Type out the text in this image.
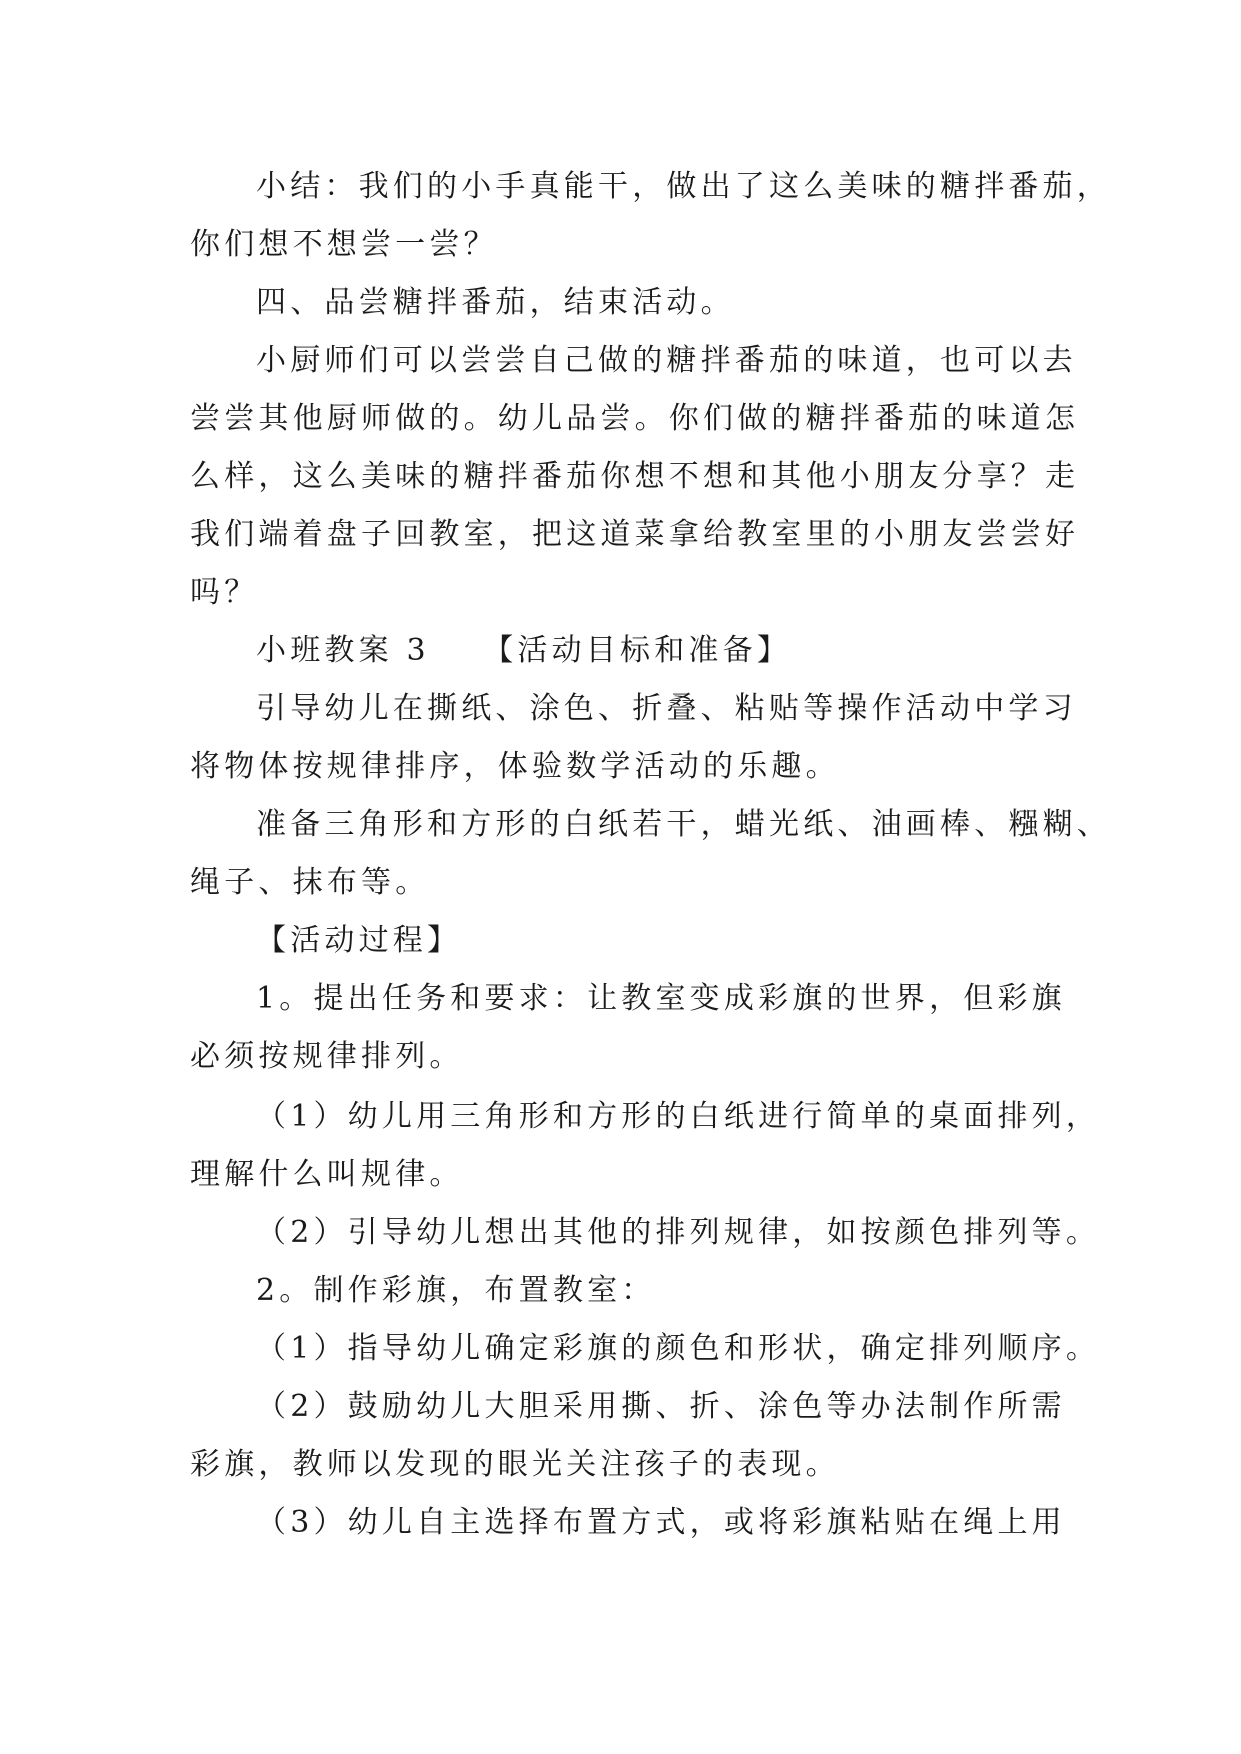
小结：我们的小手真能干，做出了这么美味的糖拌番茄，
你们想不想尝一尝？
四、品尝糖拌番茄，结束活动。
小厨师们可以尝尝自己做的糖拌番茄的味道，也可以去
尝尝其他厨师做的。幼儿品尝。你们做的糖拌番茄的味道怎
么样，这么美味的糖拌番茄你想不想和其他小朋友分享？走
我们端着盘子回教室，把这道菜拿给教室里的小朋友尝尝好
吗？
小班教案 3　　【活动目标和准备】
引导幼儿在撕纸、涂色、折叠、粘贴等操作活动中学习
将物体按规律排序，体验数学活动的乐趣。
准备三角形和方形的白纸若干，蜡光纸、油画棒、糨糊、
绳子、抹布等。
【活动过程】
1。提出任务和要求：让教室变成彩旗的世界，但彩旗
必须按规律排列。
（1）幼儿用三角形和方形的白纸进行简单的桌面排列，
理解什么叫规律。
（2）引导幼儿想出其他的排列规律，如按颜色排列等。
2。制作彩旗，布置教室：
（1）指导幼儿确定彩旗的颜色和形状，确定排列顺序。
（2）鼓励幼儿大胆采用撕、折、涂色等办法制作所需
彩旗，教师以发现的眼光关注孩子的表现。
（3）幼儿自主选择布置方式，或将彩旗粘贴在绳上用
